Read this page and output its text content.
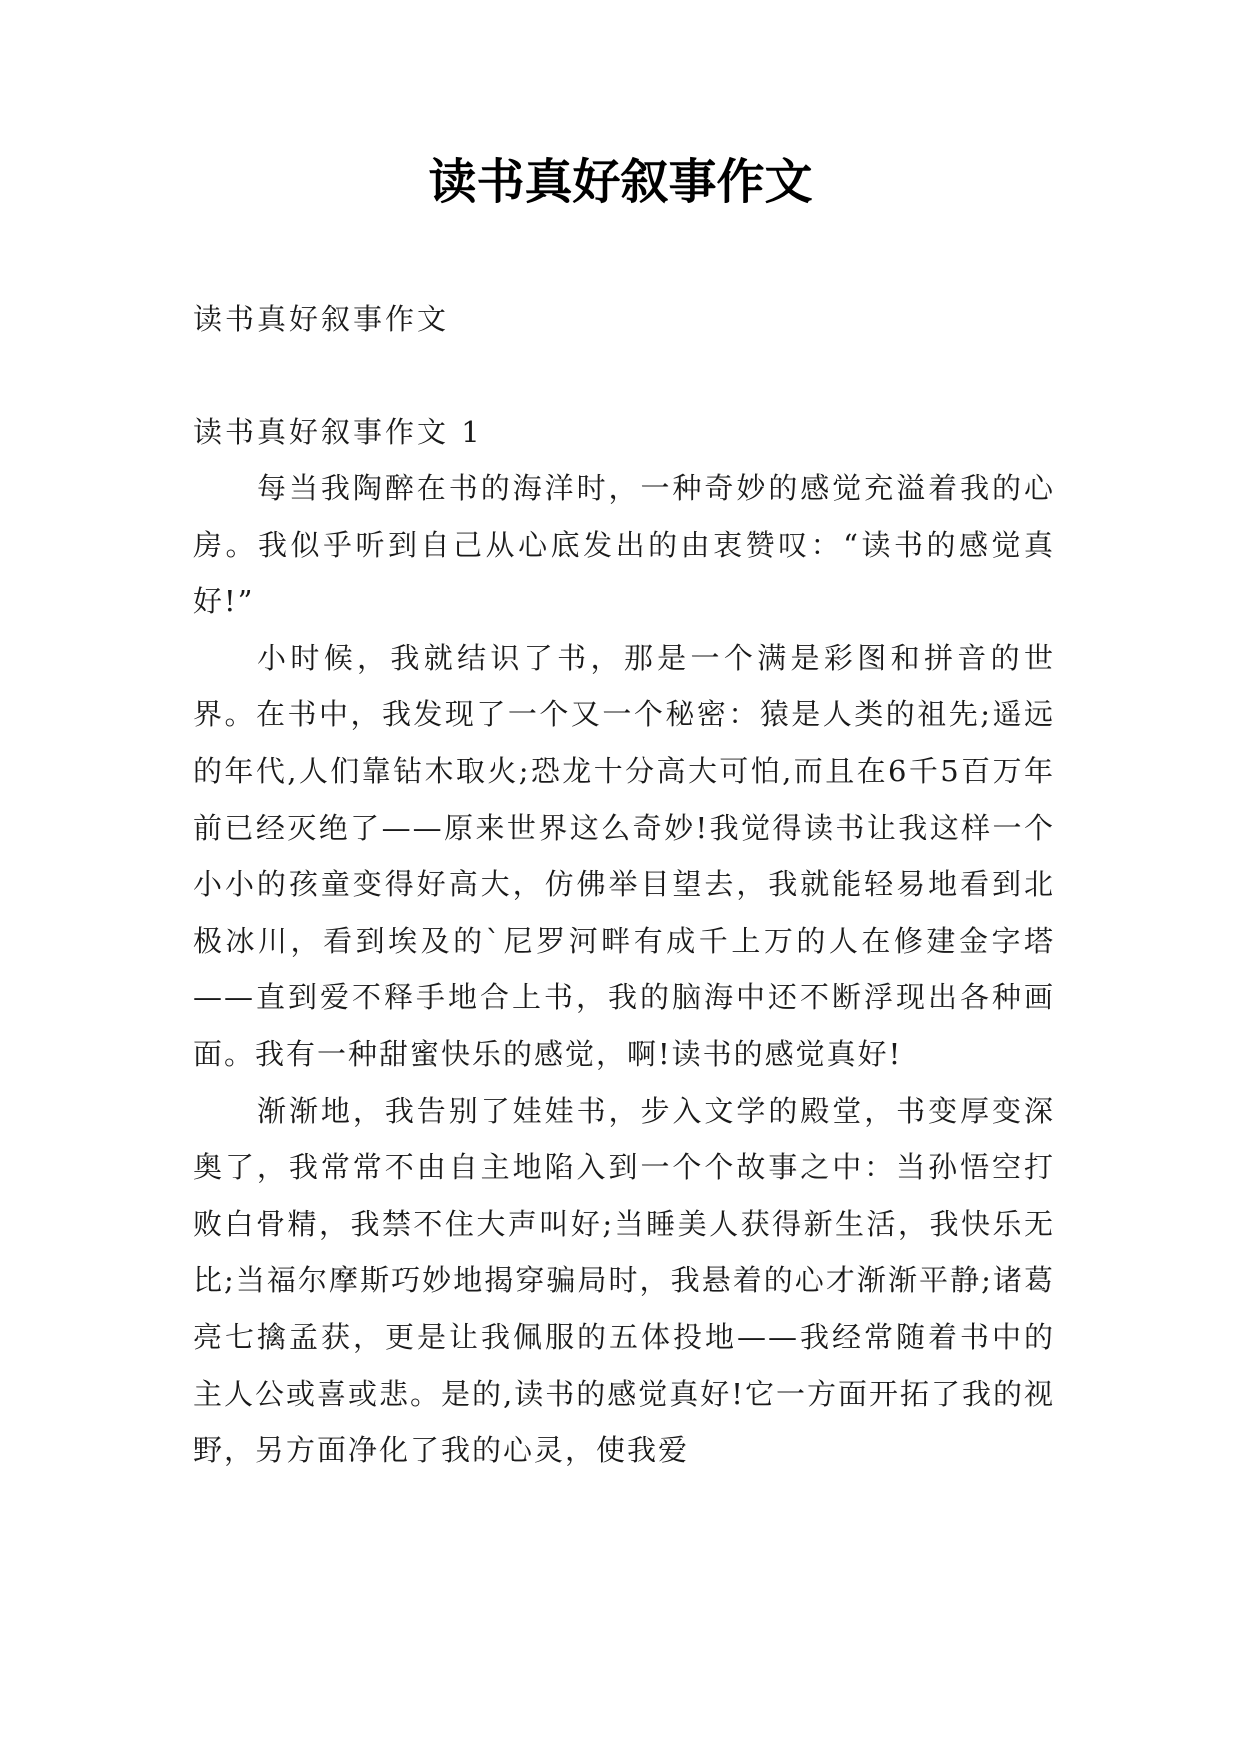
读书真好叙事作文
读书真好叙事作文
读书真好叙事作文 1

每当我陶醉在书的海洋时，一种奇妙的感觉充溢着我的心房。我似乎听到自己从心底发出的由衷赞叹：“读书的感觉真好!”

小时候，我就结识了书，那是一个满是彩图和拼音的世界。在书中，我发现了一个又一个秘密：猿是人类的祖先;遥远的年代,人们靠钻木取火;恐龙十分高大可怕,而且在6千5百万年前已经灭绝了——原来世界这么奇妙!我觉得读书让我这样一个小小的孩童变得好高大，仿佛举目望去，我就能轻易地看到北极冰川，看到埃及的`尼罗河畔有成千上万的人在修建金字塔——直到爱不释手地合上书，我的脑海中还不断浮现出各种画面。我有一种甜蜜快乐的感觉，啊!读书的感觉真好!

渐渐地，我告别了娃娃书，步入文学的殿堂，书变厚变深奥了，我常常不由自主地陷入到一个个故事之中：当孙悟空打败白骨精，我禁不住大声叫好;当睡美人获得新生活，我快乐无比;当福尔摩斯巧妙地揭穿骗局时，我悬着的心才渐渐平静;诸葛亮七擒孟获，更是让我佩服的五体投地——我经常随着书中的主人公或喜或悲。是的,读书的感觉真好!它一方面开拓了我的视野，另方面净化了我的心灵，使我爱
